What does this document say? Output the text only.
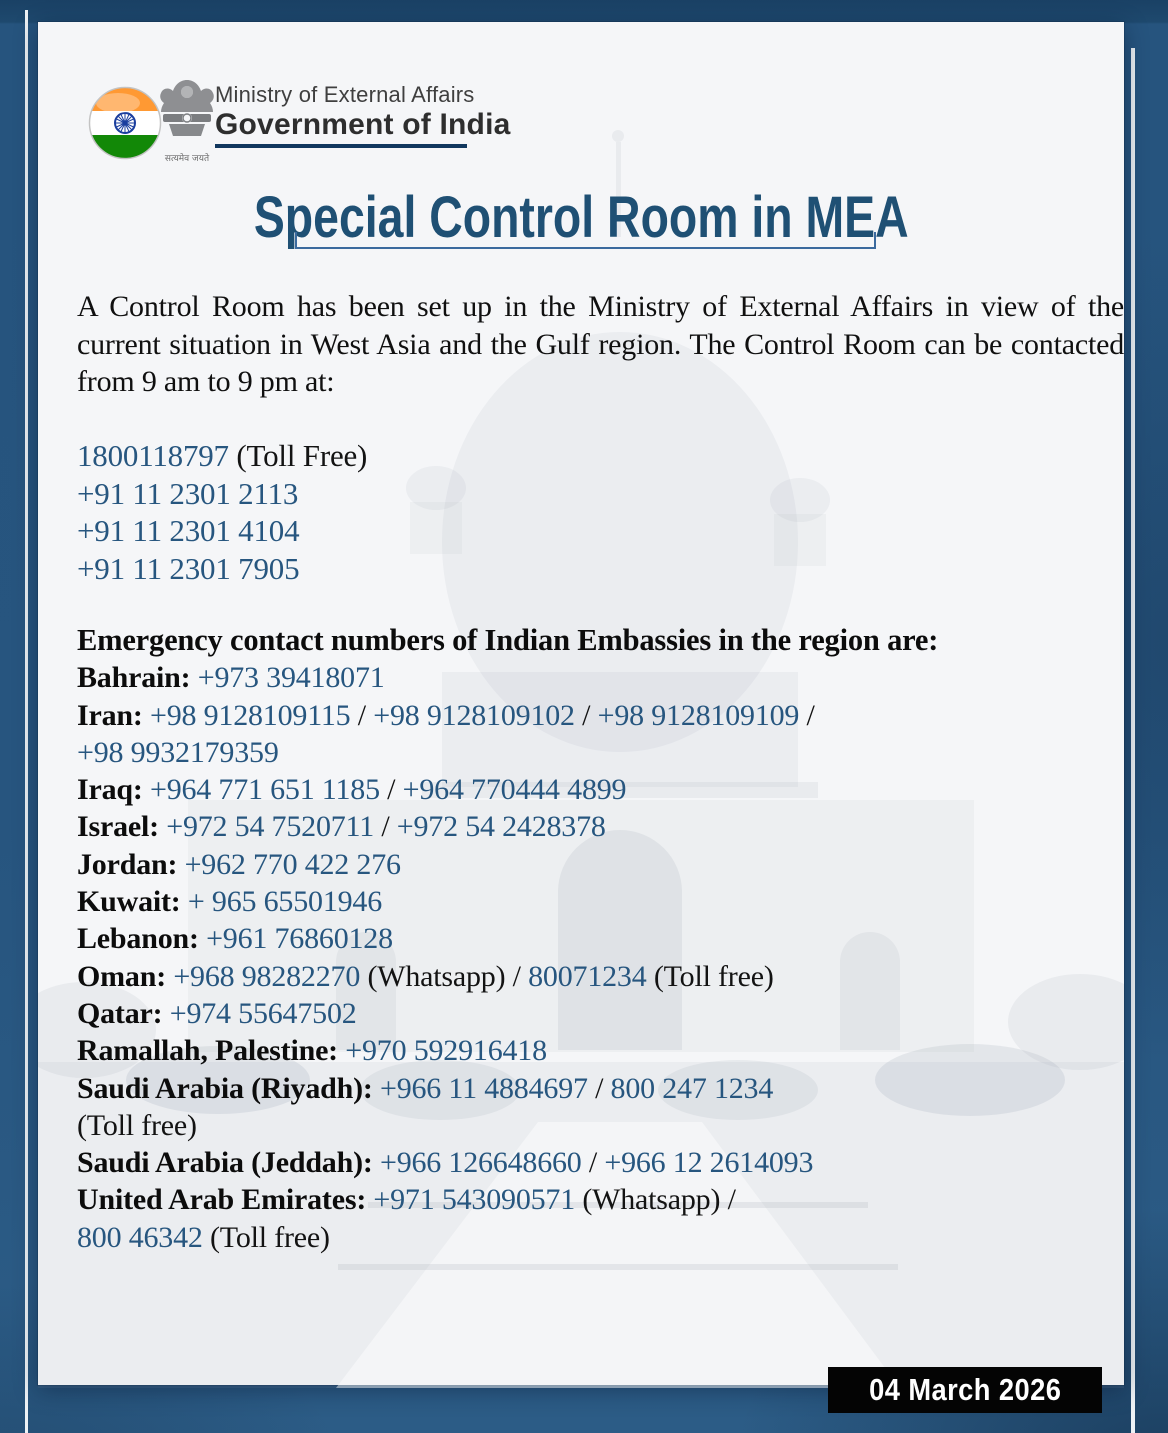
सत्यमेव जयते
Ministry of External Affairs
Government of India
Special Control Room in MEA
A Control Room has been set up in the Ministry of External Affairs in view of the current situation in West Asia and the Gulf region. The Control Room can be contacted from 9 am to 9 pm at:
1800118797 (Toll Free)
+91 11 2301 2113
+91 11 2301 4104
+91 11 2301 7905
Emergency contact numbers of Indian Embassies in the region are:
Bahrain: +973 39418071
Iran: +98 9128109115 / +98 9128109102 / +98 9128109109 /
+98 9932179359
Iraq: +964 771 651 1185 / +964 770444 4899
Israel: +972 54 7520711 / +972 54 2428378
Jordan: +962 770 422 276
Kuwait: + 965 65501946
Lebanon: +961 76860128
Oman: +968 98282270 (Whatsapp) / 80071234 (Toll free)
Qatar: +974 55647502
Ramallah, Palestine: +970 592916418
Saudi Arabia (Riyadh): +966 11 4884697 / 800 247 1234
(Toll free)
Saudi Arabia (Jeddah): +966 126648660 / +966 12 2614093
United Arab Emirates: +971 543090571 (Whatsapp) /
800 46342 (Toll free)
04 March 2026
